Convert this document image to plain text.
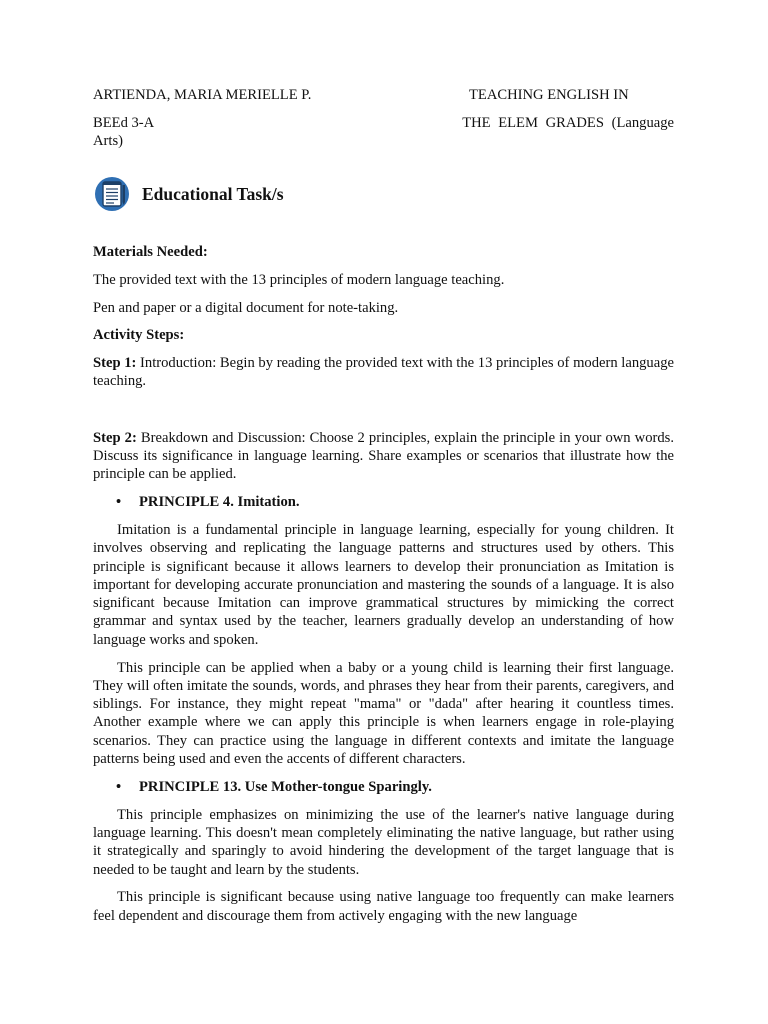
ARTIENDA, MARIA MERIELLE P.	TEACHING ENGLISH IN
BEEd 3-A	THE ELEM GRADES (Language
Arts)
Educational Task/s

Materials Needed:

The provided text with the 13 principles of modern language teaching.

Pen and paper or a digital document for note-taking.

Activity Steps:

Step 1: Introduction: Begin by reading the provided text with the 13 principles of modern language teaching.

Step 2: Breakdown and Discussion: Choose 2 principles, explain the principle in your own words. Discuss its significance in language learning. Share examples or scenarios that illustrate how the principle can be applied.

• PRINCIPLE 4. Imitation.

Imitation is a fundamental principle in language learning, especially for young children. It involves observing and replicating the language patterns and structures used by others. This principle is significant because it allows learners to develop their pronunciation as Imitation is important for developing accurate pronunciation and mastering the sounds of a language. It is also significant because Imitation can improve grammatical structures by mimicking the correct grammar and syntax used by the teacher, learners gradually develop an understanding of how language works and spoken.

This principle can be applied when a baby or a young child is learning their first language. They will often imitate the sounds, words, and phrases they hear from their parents, caregivers, and siblings. For instance, they might repeat "mama" or "dada" after hearing it countless times. Another example where we can apply this principle is when learners engage in role-playing scenarios. They can practice using the language in different contexts and imitate the language patterns being used and even the accents of different characters.

• PRINCIPLE 13. Use Mother-tongue Sparingly.

This principle emphasizes on minimizing the use of the learner's native language during language learning. This doesn't mean completely eliminating the native language, but rather using it strategically and sparingly to avoid hindering the development of the target language that is needed to be taught and learn by the students.

This principle is significant because using native language too frequently can make learners feel dependent and discourage them from actively engaging with the new language
